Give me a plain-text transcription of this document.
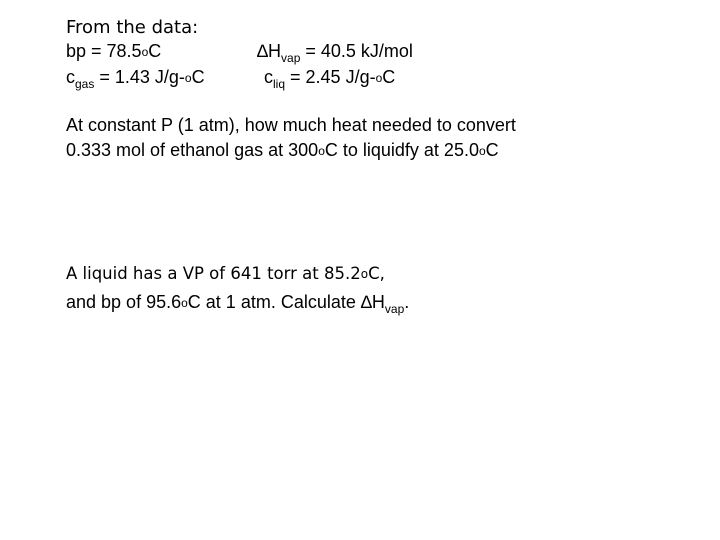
From the data:
bp = 78.5oC
$c_{gas} = 1.43$ J/g-oC
$\Delta H_{vap} = 40.5$ kJ/mol
$c_{liq} = 2.45$ J/g-oC
At constant P (1 atm), how much heat needed to convert
0.333 mol of ethanol gas at 300oC to liquidfy at 25.0oC
A liquid has a VP of 641 torr at 85.2oC,
and bp of 95.6oC at 1 atm. Calculate $\Delta H_{vap}$.
